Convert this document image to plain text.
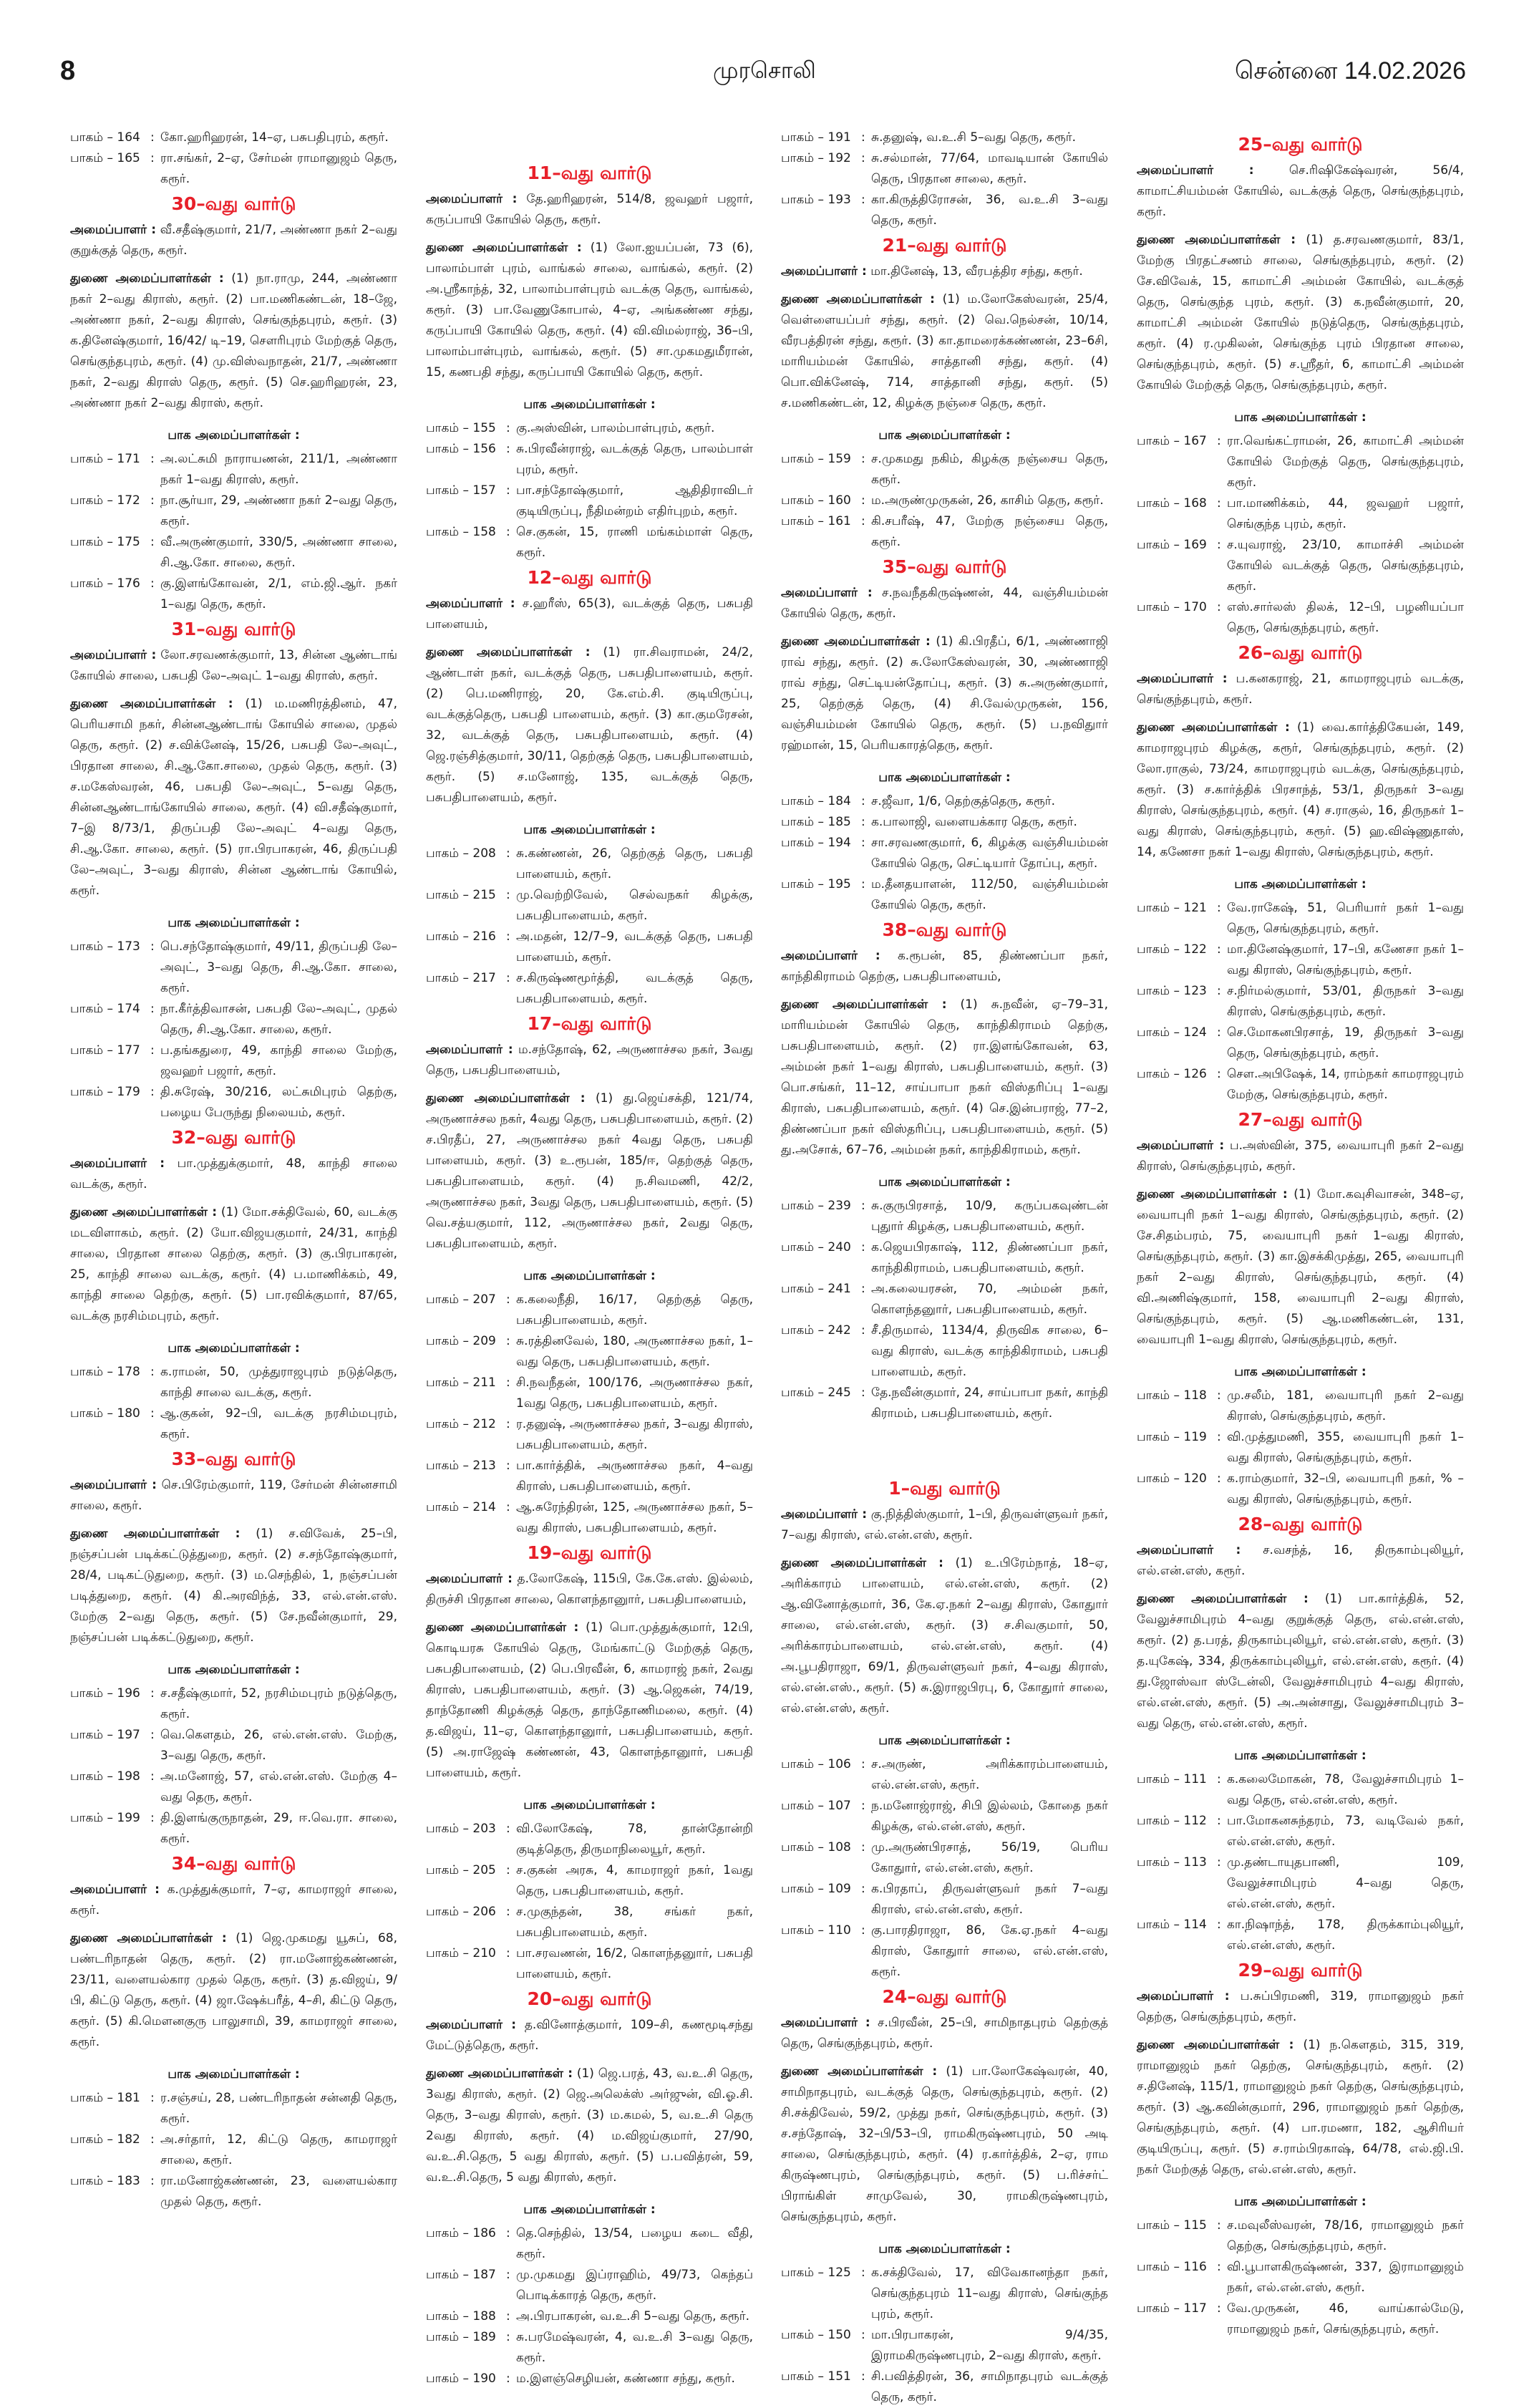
8	முரசொலி	சென்னை 14.02.2026
பாகம் – 164 : கோ.ஹரிஹரன், 14–ஏ, பசுபதிபுரம், கரூர்.
பாகம் – 165 : ரா.சங்கர், 2–ஏ, சேர்மன் ராமானுஜம் தெரு, கரூர்.
30–வது வார்டு
அமைப்பாளர் : வீ.சதீஷ்குமார், 21/7, அண்ணா நகர் 2–வது குறுக்குத் தெரு, கரூர்.
துணை அமைப்பாளர்கள் : (1) நா.ராமு, 244, அண்ணா நகர் 2–வது கிராஸ், கரூர். (2) பா.மணிகண்டன், 18–ஜே, அண்ணா நகர், 2–வது கிராஸ், செங்குந்தபுரம், கரூர். (3) க.தினேஷ்குமார், 16/42/ டி–19, சௌரிபுரம் மேற்குத் தெரு, செங்குந்தபுரம், கரூர். (4) மு.விஸ்வநாதன், 21/7, அண்ணா நகர், 2–வது கிராஸ் தெரு, கரூர். (5) செ.ஹரிஹரன், 23, அண்ணா நகர் 2–வது கிராஸ், கரூர்.
பாக அமைப்பாளர்கள் :
பாகம் – 171 : அ.லட்சுமி நாராயணன், 211/1, அண்ணா நகர் 1–வது கிராஸ், கரூர்.
பாகம் – 172 : நா.சூர்யா, 29, அண்ணா நகர் 2–வது தெரு, கரூர்.
பாகம் – 175 : வீ.அருண்குமார், 330/5, அண்ணா சாலை, சி.ஆ.கோ. சாலை, கரூர்.
பாகம் – 176 : கு.இளங்கோவன், 2/1, எம்.ஜி.ஆர். நகர் 1–வது தெரு, கரூர்.
31–வது வார்டு
அமைப்பாளர் : லோ.சரவணக்குமார், 13, சின்ன ஆண்டாங் கோயில் சாலை, பசுபதி லே–அவுட் 1–வது கிராஸ், கரூர்.
துணை அமைப்பாளர்கள் : (1) ம.மணிரத்தினம், 47, பெரியசாமி நகர், சின்னஆண்டாங் கோயில் சாலை, முதல் தெரு, கரூர். (2) ச.விக்னேஷ், 15/26, பசுபதி லே–அவுட், பிரதான சாலை, சி.ஆ.கோ.சாலை, முதல் தெரு, கரூர். (3) ச.மகேஸ்வரன், 46, பசுபதி லே–அவுட், 5–வது தெரு, சின்னஆண்டாங்கோயில் சாலை, கரூர். (4) வி.சதீஷ்குமார், 7–இ 8/73/1, திருப்பதி லே–அவுட் 4–வது தெரு, சி.ஆ.கோ. சாலை, கரூர். (5) ரா.பிரபாகரன், 46, திருப்பதி லே–அவுட், 3–வது கிராஸ், சின்ன ஆண்டாங் கோயில், கரூர்.
பாக அமைப்பாளர்கள் :
பாகம் – 173 : பெ.சந்தோஷ்குமார், 49/11, திருப்பதி லே–அவுட், 3–வது தெரு, சி.ஆ.கோ. சாலை, கரூர்.
பாகம் – 174 : நா.கீர்த்திவாசன், பசுபதி லே–அவுட், முதல் தெரு, சி.ஆ.கோ. சாலை, கரூர்.
பாகம் – 177 : ப.தங்கதுரை, 49, காந்தி சாலை மேற்கு, ஜவஹர் பஜார், கரூர்.
பாகம் – 179 : தி.சுரேஷ், 30/216, லட்சுமிபுரம் தெற்கு, பழைய பேருந்து நிலையம், கரூர்.
32–வது வார்டு
அமைப்பாளர் : பா.முத்துக்குமார், 48, காந்தி சாலை வடக்கு, கரூர்.
துணை அமைப்பாளர்கள் : (1) மோ.சக்திவேல், 60, வடக்கு மடவிளாகம், கரூர். (2) யோ.விஜயகுமார், 24/31, காந்தி சாலை, பிரதான சாலை தெற்கு, கரூர். (3) கு.பிரபாகரன், 25, காந்தி சாலை வடக்கு, கரூர். (4) ப.மாணிக்கம், 49, காந்தி சாலை தெற்கு, கரூர். (5) பா.ரவிக்குமார், 87/65, வடக்கு நரசிம்மபுரம், கரூர்.
பாக அமைப்பாளர்கள் :
பாகம் – 178 : க.ராமன், 50, முத்துராஜபுரம் நடுத்தெரு, காந்தி சாலை வடக்கு, கரூர்.
பாகம் – 180 : ஆ.குகன், 92–பி, வடக்கு நரசிம்மபுரம், கரூர்.
33–வது வார்டு
அமைப்பாளர் : செ.பிரேம்குமார், 119, சேர்மன் சின்னசாமி சாலை, கரூர்.
துணை அமைப்பாளர்கள் : (1) ச.விவேக், 25–பி, நஞ்சப்பன் படிக்கட்டுத்துறை, கரூர். (2) ச.சந்தோஷ்குமார், 28/4, படிகட்டுதுறை, கரூர். (3) ம.செந்தில், 1, நஞ்சப்பன் படித்துறை, கரூர். (4) கி.அரவிந்த், 33, எல்.என்.எஸ். மேற்கு 2–வது தெரு, கரூர். (5) சே.நவீன்குமார், 29, நஞ்சப்பன் படிக்கட்டுதுறை, கரூர்.
பாக அமைப்பாளர்கள் :
பாகம் – 196 : ச.சதீஷ்குமார், 52, நரசிம்மபுரம் நடுத்தெரு, கரூர்.
பாகம் – 197 : வெ.கௌதம், 26, எல்.என்.எஸ். மேற்கு, 3–வது தெரு, கரூர்.
பாகம் – 198 : அ.மனோஜ், 57, எல்.என்.எஸ். மேற்கு 4–வது தெரு, கரூர்.
பாகம் – 199 : தி.இளங்குருநாதன், 29, ஈ.வெ.ரா. சாலை, கரூர்.
34–வது வார்டு
அமைப்பாளர் : க.முத்துக்குமார், 7–ஏ, காமராஜர் சாலை, கரூர்.
துணை அமைப்பாளர்கள் : (1) ஜெ.முகமது யூசுப், 68, பண்டரிநாதன் தெரு, கரூர். (2) ரா.மனோஜ்கண்ணன், 23/11, வளையல்கார முதல் தெரு, கரூர். (3) த.விஜய், 9/பி, கிட்டு தெரு, கரூர். (4) ஜா.ஷேக்பரீத், 4–சி, கிட்டு தெரு, கரூர். (5) கி.மௌனகுரு பாலுசாமி, 39, காமராஜர் சாலை, கரூர்.
பாக அமைப்பாளர்கள் :
பாகம் – 181 : ர.சஞ்சய், 28, பண்டரிநாதன் சன்னதி தெரு, கரூர்.
பாகம் – 182 : அ.சர்தார், 12, கிட்டு தெரு, காமராஜர் சாலை, கரூர்.
பாகம் – 183 : ரா.மனோஜ்கண்ணன், 23, வளையல்கார முதல் தெரு, கரூர்.
11–வது வார்டு
அமைப்பாளர் : தே.ஹரிஹரன், 514/8, ஜவஹர் பஜார், கருப்பாயி கோயில் தெரு, கரூர்.
துணை அமைப்பாளர்கள் : (1) லோ.ஐயப்பன், 73 (6), பாலாம்பாள் புரம், வாங்கல் சாலை, வாங்கல், கரூர். (2) அ.ஸ்ரீகாந்த், 32, பாலாம்பாள்புரம் வடக்கு தெரு, வாங்கல், கரூர். (3) பா.வேணுகோபால், 4–ஏ, அங்கண்ண சந்து, கருப்பாயி கோயில் தெரு, கரூர். (4) வி.விமல்ராஜ், 36–பி, பாலாம்பாள்புரம், வாங்கல், கரூர். (5) சா.முகமதுமீரான், 15, கணபதி சந்து, கருப்பாயி கோயில் தெரு, கரூர்.
பாக அமைப்பாளர்கள் :
பாகம் – 155 : கு.அஸ்வின், பாலம்பாள்புரம், கரூர்.
பாகம் – 156 : சு.பிரவீன்ராஜ், வடக்குத் தெரு, பாலம்பாள் புரம், கரூர்.
பாகம் – 157 : பா.சந்தோஷ்குமார், ஆதிதிராவிடர் குடியிருப்பு, நீதிமன்றம் எதிர்புறம், கரூர்.
பாகம் – 158 : செ.குகன், 15, ராணி மங்கம்மாள் தெரு, கரூர்.
12–வது வார்டு
அமைப்பாளர் : ச.ஹரீஸ், 65(3), வடக்குத் தெரு, பசுபதி பாளையம்,
துணை அமைப்பாளர்கள் : (1) ரா.சிவராமன், 24/2, ஆண்டாள் நகர், வடக்குத் தெரு, பசுபதிபாளையம், கரூர். (2) பெ.மணிராஜ், 20, கே.எம்.சி. குடியிருப்பு, வடக்குத்தெரு, பசுபதி பாளையம், கரூர். (3) கா.குமரேசன், 32, வடக்குத் தெரு, பசுபதிபாளையம், கரூர். (4) ஜெ.ரஞ்சித்குமார், 30/11, தெற்குத் தெரு, பசுபதிபாளையம், கரூர். (5) ச.மனோஜ், 135, வடக்குத் தெரு, பசுபதிபாளையம், கரூர்.
பாக அமைப்பாளர்கள் :
பாகம் – 208 : சு.கண்ணன், 26, தெற்குத் தெரு, பசுபதி பாளையம், கரூர்.
பாகம் – 215 : மு.வெற்றிவேல், செல்வநகர் கிழக்கு, பசுபதிபாளையம், கரூர்.
பாகம் – 216 : அ.மதன், 12/7–9, வடக்குத் தெரு, பசுபதி பாளையம், கரூர்.
பாகம் – 217 : ச.கிருஷ்ணமூர்த்தி, வடக்குத் தெரு, பசுபதிபாளையம், கரூர்.
17–வது வார்டு
அமைப்பாளர் : ம.சந்தோஷ், 62, அருணாச்சல நகர், 3வது தெரு, பசுபதிபாளையம்,
துணை அமைப்பாளர்கள் : (1) து.ஜெய்சக்தி, 121/74, அருணாச்சல நகர், 4வது தெரு, பசுபதிபாளையம், கரூர். (2) ச.பிரதீப், 27, அருணாச்சல நகர் 4வது தெரு, பசுபதி பாளையம், கரூர். (3) உ.ரூபன், 185/ஈ, தெற்குத் தெரு, பசுபதிபாளையம், கரூர். (4) ந.சிவமணி, 42/2, அருணாச்சல நகர், 3வது தெரு, பசுபதிபாளையம், கரூர். (5) வெ.சத்யகுமார், 112, அருணாச்சல நகர், 2வது தெரு, பசுபதிபாளையம், கரூர்.
பாக அமைப்பாளர்கள் :
பாகம் – 207 : க.கலைநீதி, 16/17, தெற்குத் தெரு, பசுபதிபாளையம், கரூர்.
பாகம் – 209 : சு.ரத்தினவேல், 180, அருணாச்சல நகர், 1–வது தெரு, பசுபதிபாளையம், கரூர்.
பாகம் – 211 : சி.நவநீதன், 100/176, அருணாச்சல நகர், 1வது தெரு, பசுபதிபாளையம், கரூர்.
பாகம் – 212 : ர.தனுஷ், அருணாச்சல நகர், 3–வது கிராஸ், பசுபதிபாளையம், கரூர்.
பாகம் – 213 : பா.கார்த்திக், அருணாச்சல நகர், 4–வது கிராஸ், பசுபதிபாளையம், கரூர்.
பாகம் – 214 : ஆ.சுரேந்திரன், 125, அருணாச்சல நகர், 5–வது கிராஸ், பசுபதிபாளையம், கரூர்.
19–வது வார்டு
அமைப்பாளர் : த.லோகேஷ், 115பி, கே.கே.எஸ். இல்லம், திருச்சி பிரதான சாலை, கொளந்தானுார், பசுபதிபாளையம்,
துணை அமைப்பாளர்கள் : (1) பொ.முத்துக்குமார், 12பி, கொடியரசு கோயில் தெரு, மேங்காட்டு மேற்குத் தெரு, பசுபதிபாளையம், (2) பெ.பிரவீன், 6, காமராஜ் நகர், 2வது கிராஸ், பசுபதிபாளையம், கரூர். (3) ஆ.ஜெகன், 74/19, தாந்தோணி கிழக்குத் தெரு, தாந்தோணிமலை, கரூர். (4) த.விஜய், 11–ஏ, கொளந்தானுார், பசுபதிபாளையம், கரூர். (5) அ.ராஜேஷ் கண்ணன், 43, கொளந்தானுார், பசுபதி பாளையம், கரூர்.
பாக அமைப்பாளர்கள் :
பாகம் – 203 : வி.லோகேஷ், 78, தான்தோன்றி குடித்தெரு, திருமாநிலையூர், கரூர்.
பாகம் – 205 : ச.குகன் அரசு, 4, காமராஜர் நகர், 1வது தெரு, பசுபதிபாளையம், கரூர்.
பாகம் – 206 : ச.முகுந்தன், 38, சங்கர் நகர், பசுபதிபாளையம், கரூர்.
பாகம் – 210 : பா.சரவணன், 16/2, கொளந்தனுார், பசுபதி பாளையம், கரூர்.
20–வது வார்டு
அமைப்பாளர் : த.வினோத்குமார், 109–சி, கணமூடிசந்து மேட்டுத்தெரு, கரூர்.
துணை அமைப்பாளர்கள் : (1) ஜெ.பரத், 43, வ.உ.சி தெரு, 3வது கிராஸ், கரூர். (2) ஜெ.அலெக்ஸ் அர்ஜுன், வி.ஓ.சி. தெரு, 3–வது கிராஸ், கரூர். (3) ம.கமல், 5, வ.உ.சி தெரு 2வது கிராஸ், கரூர். (4) ம.விஜய்குமார், 27/90, வ.உ.சி.தெரு, 5 வது கிராஸ், கரூர். (5) ப.பவித்ரன், 59, வ.உ.சி.தெரு, 5 வது கிராஸ், கரூர்.
பாக அமைப்பாளர்கள் :
பாகம் – 186 : தெ.செந்தில், 13/54, பழைய கடை வீதி, கரூர்.
பாகம் – 187 : மு.முகமது இப்ராஹிம், 49/73, கெந்தப் பொடிக்காரத் தெரு, கரூர்.
பாகம் – 188 : அ.பிரபாகரன், வ.உ.சி 5–வது தெரு, கரூர்.
பாகம் – 189 : சு.பரமேஷ்வரன், 4, வ.உ.சி 3–வது தெரு, கரூர்.
பாகம் – 190 : ம.இளஞ்செழியன், கண்ணா சந்து, கரூர்.
பாகம் – 191 : சு.தனுஷ், வ.உ.சி 5–வது தெரு, கரூர்.
பாகம் – 192 : சு.சல்மான், 77/64, மாவடியான் கோயில் தெரு, பிரதான சாலை, கரூர்.
பாகம் – 193 : கா.கிருத்திரோசன், 36, வ.உ.சி 3–வது தெரு, கரூர்.
21–வது வார்டு
அமைப்பாளர் : மா.தினேஷ், 13, வீரபத்திர சந்து, கரூர்.
துணை அமைப்பாளர்கள் : (1) ம.லோகேஸ்வரன், 25/4, வெள்ளையப்பர் சந்து, கரூர். (2) வெ.நெல்சன், 10/14, வீரபத்திரன் சந்து, கரூர். (3) கா.தாமரைக்கண்ணன், 23–6சி, மாரியம்மன் கோயில், சாத்தானி சந்து, கரூர். (4) பொ.விக்னேஷ், 714, சாத்தானி சந்து, கரூர். (5) ச.மணிகண்டன், 12, கிழக்கு நஞ்சை தெரு, கரூர்.
பாக அமைப்பாளர்கள் :
பாகம் – 159 : ச.முகமது நகிம், கிழக்கு நஞ்சைய தெரு, கரூர்.
பாகம் – 160 : ம.அருண்முருகன், 26, காசிம் தெரு, கரூர்.
பாகம் – 161 : கி.சபரீஷ், 47, மேற்கு நஞ்சைய தெரு, கரூர்.
35–வது வார்டு
அமைப்பாளர் : ச.நவநீதகிருஷ்ணன், 44, வஞ்சியம்மன் கோயில் தெரு, கரூர்.
துணை அமைப்பாளர்கள் : (1) கி.பிரதீப், 6/1, அண்ணாஜி ராவ் சந்து, கரூர். (2) சு.லோகேஸ்வரன், 30, அண்ணாஜி ராவ் சந்து, செட்டியன்தோப்பு, கரூர். (3) சு.அருண்குமார், 25, தெற்குத் தெரு, (4) சி.வேல்முருகன், 156, வஞ்சியம்மன் கோயில் தெரு, கரூர். (5) ப.நவிதுார் ரஹ்மான், 15, பெரியகாரத்தெரு, கரூர்.
பாக அமைப்பாளர்கள் :
பாகம் – 184 : ச.ஜீவா, 1/6, தெற்குத்தெரு, கரூர்.
பாகம் – 185 : க.பாலாஜி, வளையக்கார தெரு, கரூர்.
பாகம் – 194 : சா.சரவணகுமார், 6, கிழக்கு வஞ்சியம்மன் கோயில் தெரு, செட்டியார் தோப்பு, கரூர்.
பாகம் – 195 : ம.தீனதயாளன், 112/50, வஞ்சியம்மன் கோயில் தெரு, கரூர்.
38–வது வார்டு
அமைப்பாளர் : க.ரூபன், 85, திண்ணப்பா நகர், காந்திகிராமம் தெற்கு, பசுபதிபாளையம்,
துணை அமைப்பாளர்கள் : (1) சு.நவீன், ஏ–79–31, மாரியம்மன் கோயில் தெரு, காந்திகிராமம் தெற்கு, பசுபதிபாளையம், கரூர். (2) ரா.இளங்கோவன், 63, அம்மன் நகர் 1–வது கிராஸ், பசுபதிபாளையம், கரூர். (3) பொ.சங்கர், 11–12, சாய்பாபா நகர் விஸ்தரிப்பு 1–வது கிராஸ், பசுபதிபாளையம், கரூர். (4) செ.இன்பராஜ், 77–2, திண்ணப்பா நகர் விஸ்தரிப்பு, பசுபதிபாளையம், கரூர். (5) து.அசோக், 67–76, அம்மன் நகர், காந்திகிராமம், கரூர்.
பாக அமைப்பாளர்கள் :
பாகம் – 239 : சு.குருபிரசாத், 10/9, கருப்பகவுண்டன் புதுார் கிழக்கு, பசுபதிபாளையம், கரூர்.
பாகம் – 240 : க.ஜெயபிரகாஷ், 112, திண்ணப்பா நகர், காந்திகிராமம், பசுபதிபாளையம், கரூர்.
பாகம் – 241 : அ.கலையரசன், 70, அம்மன் நகர், கொளந்தனுார், பசுபதிபாளையம், கரூர்.
பாகம் – 242 : சீ.திருமால், 1134/4, திருவிக சாலை, 6–வது கிராஸ், வடக்கு காந்திகிராமம், பசுபதி பாளையம், கரூர்.
பாகம் – 245 : தே.நவீன்குமார், 24, சாய்பாபா நகர், காந்தி கிராமம், பசுபதிபாளையம், கரூர்.
1–வது வார்டு
அமைப்பாளர் : கு.நித்திஸ்குமார், 1–பி, திருவள்ளுவர் நகர், 7–வது கிராஸ், எல்.என்.எஸ், கரூர்.
துணை அமைப்பாளர்கள் : (1) உ.பிரேம்நாத், 18–ஏ, அரிக்காரம் பாளையம், எல்.என்.எஸ், கரூர். (2) ஆ.வினோத்குமார், 36, கே.ஏ.நகர் 2–வது கிராஸ், கோதுார் சாலை, எல்.என்.எஸ், கரூர். (3) ச.சிவகுமார், 50, அரிக்காரம்பாளையம், எல்.என்.எஸ், கரூர். (4) அ.பூபதிராஜா, 69/1, திருவள்ளுவர் நகர், 4–வது கிராஸ், எல்.என்.எஸ்., கரூர். (5) சு.இராஜபிரபு, 6, கோதுார் சாலை, எல்.என்.எஸ், கரூர்.
பாக அமைப்பாளர்கள் :
பாகம் – 106 : ச.அருண், அரிக்காரம்பாளையம், எல்.என்.எஸ், கரூர்.
பாகம் – 107 : ந.மனோஜ்ராஜ், சிபி இல்லம், கோதை நகர் கிழக்கு, எல்.என்.எஸ், கரூர்.
பாகம் – 108 : மு.அருண்பிரசாத், 56/19, பெரிய கோதுார், எல்.என்.எஸ், கரூர்.
பாகம் – 109 : க.பிரதாப், திருவள்ளுவர் நகர் 7–வது கிராஸ், எல்.என்.எஸ், கரூர்.
பாகம் – 110 : கு.பாரதிராஜா, 86, கே.ஏ.நகர் 4–வது கிராஸ், கோதுார் சாலை, எல்.என்.எஸ், கரூர்.
24–வது வார்டு
அமைப்பாளர் : ச.பிரவீன், 25–பி, சாமிநாதபுரம் தெற்குத் தெரு, செங்குந்தபுரம், கரூர்.
துணை அமைப்பாளர்கள் : (1) பா.லோகேஷ்வரன், 40, சாமிநாதபுரம், வடக்குத் தெரு, செங்குந்தபுரம், கரூர். (2) சி.சக்திவேல், 59/2, முத்து நகர், செங்குந்தபுரம், கரூர். (3) ச.சந்தோஷ், 32–பி/53–பி, ராமகிருஷ்ணபுரம், 50 அடி சாலை, செங்குந்தபுரம், கரூர். (4) ர.கார்த்திக், 2–ஏ, ராம கிருஷ்ணபுரம், செங்குந்தபுரம், கரூர். (5) ப.ரிச்சர்ட் பிராங்கிள் சாமுவேல், 30, ராமகிருஷ்ணபுரம், செங்குந்தபுரம், கரூர்.
பாக அமைப்பாளர்கள் :
பாகம் – 125 : க.சக்திவேல், 17, விவேகானந்தா நகர், செங்குந்தபுரம் 11–வது கிராஸ், செங்குந்த புரம், கரூர்.
பாகம் – 150 : மா.பிரபாகரன், 9/4/35, இராமகிருஷ்ணபுரம், 2–வது கிராஸ், கரூர்.
பாகம் – 151 : சி.பவித்திரன், 36, சாமிநாதபுரம் வடக்குத் தெரு, கரூர்.
25–வது வார்டு
அமைப்பாளர் :	செ.ரிஷிகேஷ்வரன், 56/4, காமாட்சியம்மன் கோயில், வடக்குத் தெரு, செங்குந்தபுரம், கரூர்.
துணை அமைப்பாளர்கள் : (1) த.சரவணகுமார், 83/1, மேற்கு பிரதட்சணம் சாலை, செங்குந்தபுரம், கரூர். (2) சே.விவேக், 15, காமாட்சி அம்மன் கோயில், வடக்குத் தெரு, செங்குந்த புரம், கரூர். (3) க.நவீன்குமார், 20, காமாட்சி அம்மன் கோயில் நடுத்தெரு, செங்குந்தபுரம், கரூர். (4) ர.முகிலன், செங்குந்த புரம் பிரதான சாலை, செங்குந்தபுரம், கரூர். (5) ச.ஸ்ரீதர், 6, காமாட்சி அம்மன் கோயில் மேற்குத் தெரு, செங்குந்தபுரம், கரூர்.
பாக அமைப்பாளர்கள் :
பாகம் – 167 : ரா.வெங்கட்ராமன், 26, காமாட்சி அம்மன் கோயில் மேற்குத் தெரு, செங்குந்தபுரம், கரூர்.
பாகம் – 168 : பா.மாணிக்கம், 44, ஜவஹர் பஜார், செங்குந்த புரம், கரூர்.
பாகம் – 169 : ச.யுவராஜ், 23/10, காமாச்சி அம்மன் கோயில் வடக்குத் தெரு, செங்குந்தபுரம், கரூர்.
பாகம் – 170 : எஸ்.சார்லஸ் திலக், 12–பி, பழனியப்பா தெரு, செங்குந்தபுரம், கரூர்.
26–வது வார்டு
அமைப்பாளர் : ப.கனகராஜ், 21, காமராஜபுரம் வடக்கு, செங்குந்தபுரம், கரூர்.
துணை அமைப்பாளர்கள் : (1) வை.கார்த்திகேயன், 149, காமராஜபுரம் கிழக்கு, கரூர், செங்குந்தபுரம், கரூர். (2) லோ.ராகுல், 73/24, காமராஜபுரம் வடக்கு, செங்குந்தபுரம், கரூர். (3) ச.கார்த்திக் பிரசாந்த், 53/1, திருநகர் 3–வது கிராஸ், செங்குந்தபுரம், கரூர். (4) ச.ராகுல், 16, திருநகர் 1–வது கிராஸ், செங்குந்தபுரம், கரூர். (5) ஹ.விஷ்ணுதாஸ், 14, கணேசா நகர் 1–வது கிராஸ், செங்குந்தபுரம், கரூர்.
பாக அமைப்பாளர்கள் :
பாகம் – 121 : வே.ராகேஷ், 51, பெரியார் நகர் 1–வது தெரு, செங்குந்தபுரம், கரூர்.
பாகம் – 122 : மா.தினேஷ்குமார், 17–பி, கணேசா நகர் 1–வது கிராஸ், செங்குந்தபுரம், கரூர்.
பாகம் – 123 : ச.நிர்மல்குமார், 53/01, திருநகர் 3–வது கிராஸ், செங்குந்தபுரம், கரூர்.
பாகம் – 124 : செ.மோகனபிரசாத், 19, திருநகர் 3–வது தெரு, செங்குந்தபுரம், கரூர்.
பாகம் – 126 : சௌ.அபிஷேக், 14, ராம்நகர் காமராஜபுரம் மேற்கு, செங்குந்தபுரம், கரூர்.
27–வது வார்டு
அமைப்பாளர் : ப.அஸ்வின், 375, வையாபுரி நகர் 2–வது கிராஸ், செங்குந்தபுரம், கரூர்.
துணை அமைப்பாளர்கள் : (1) மோ.கவுசிவாசன், 348–ஏ, வையாபுரி நகர் 1–வது கிராஸ், செங்குந்தபுரம், கரூர். (2) சே.சிதம்பரம், 75, வையாபுரி நகர் 1–வது கிராஸ், செங்குந்தபுரம், கரூர். (3) கா.இசக்கிமுத்து, 265, வையாபுரி நகர் 2–வது கிராஸ், செங்குந்தபுரம், கரூர். (4) வி.அணிஷ்குமார், 158, வையாபுரி 2–வது கிராஸ், செங்குந்தபுரம், கரூர். (5) ஆ.மணிகண்டன், 131, வையாபுரி 1–வது கிராஸ், செங்குந்தபுரம், கரூர்.
பாக அமைப்பாளர்கள் :
பாகம் – 118 : மு.சலீம், 181, வையாபுரி நகர் 2–வது கிராஸ், செங்குந்தபுரம், கரூர்.
பாகம் – 119 : வி.முத்துமணி, 355, வையாபுரி நகர் 1–வது கிராஸ், செங்குந்தபுரம், கரூர்.
பாகம் – 120 : க.ராம்குமார், 32–பி, வையாபுரி நகர், % –வது கிராஸ், செங்குந்தபுரம், கரூர்.
28–வது வார்டு
அமைப்பாளர் : ச.வசந்த், 16, திருகாம்புலியூர், எல்.என்.எஸ், கரூர்.
துணை அமைப்பாளர்கள் : (1) பா.கார்த்திக், 52, வேலுச்சாமிபுரம் 4–வது குறுக்குத் தெரு, எல்.என்.எஸ், கரூர். (2) த.பரத், திருகாம்புலியூர், எல்.என்.எஸ், கரூர். (3) த.யுகேஷ், 334, திருக்காம்புலியூர், எல்.என்.எஸ், கரூர். (4) து.ஜோஸ்வா ஸ்டேன்லி, வேலுச்சாமிபுரம் 4–வது கிராஸ், எல்.என்.எஸ், கரூர். (5) அ.அன்சாது, வேலுச்சாமிபுரம் 3–வது தெரு, எல்.என்.எஸ், கரூர்.
பாக அமைப்பாளர்கள் :
பாகம் – 111 : க.கலைமோகன், 78, வேலுச்சாமிபுரம் 1–வது தெரு, எல்.என்.எஸ், கரூர்.
பாகம் – 112 : பா.மோகனசுந்தரம், 73, வடிவேல் நகர், எல்.என்.எஸ், கரூர்.
பாகம் – 113 : மு.தண்டாயுதபாணி, 109, வேலுச்சாமிபுரம் 4–வது தெரு, எல்.என்.எஸ், கரூர்.
பாகம் – 114 : கா.நிஷாந்த், 178, திருக்காம்புலியூர், எல்.என்.எஸ், கரூர்.
29–வது வார்டு
அமைப்பாளர் : ப.சுப்பிரமணி, 319, ராமானுஜம் நகர் தெற்கு, செங்குந்தபுரம், கரூர்.
துணை அமைப்பாளர்கள் : (1) ந.கௌதம், 315, 319, ராமானுஜம் நகர் தெற்கு, செங்குந்தபுரம், கரூர். (2) ச.தினேஷ், 115/1, ராமானுஜம் நகர் தெற்கு, செங்குந்தபுரம், கரூர். (3) ஆ.கவின்குமார், 296, ராமானுஜம் நகர் தெற்கு, செங்குந்தபுரம், கரூர். (4) பா.ரமணா, 182, ஆசிரியர் குடியிருப்பு, கரூர். (5) ச.ராம்பிரகாஷ், 64/78, எல்.ஜி.பி. நகர் மேற்குத் தெரு, எல்.என்.எஸ், கரூர்.
பாக அமைப்பாளர்கள் :
பாகம் – 115 : ச.மவுலீஸ்வரன், 78/16, ராமானுஜம் நகர் தெற்கு, செங்குந்தபுரம், கரூர்.
பாகம் – 116 : வி.பூபாளகிருஷ்ணன், 337, இராமானுஜம் நகர், எல்.என்.எஸ், கரூர்.
பாகம் – 117 : வே.முருகன், 46, வாய்கால்மேடு, ராமானுஜம் நகர், செங்குந்தபுரம், கரூர்.
